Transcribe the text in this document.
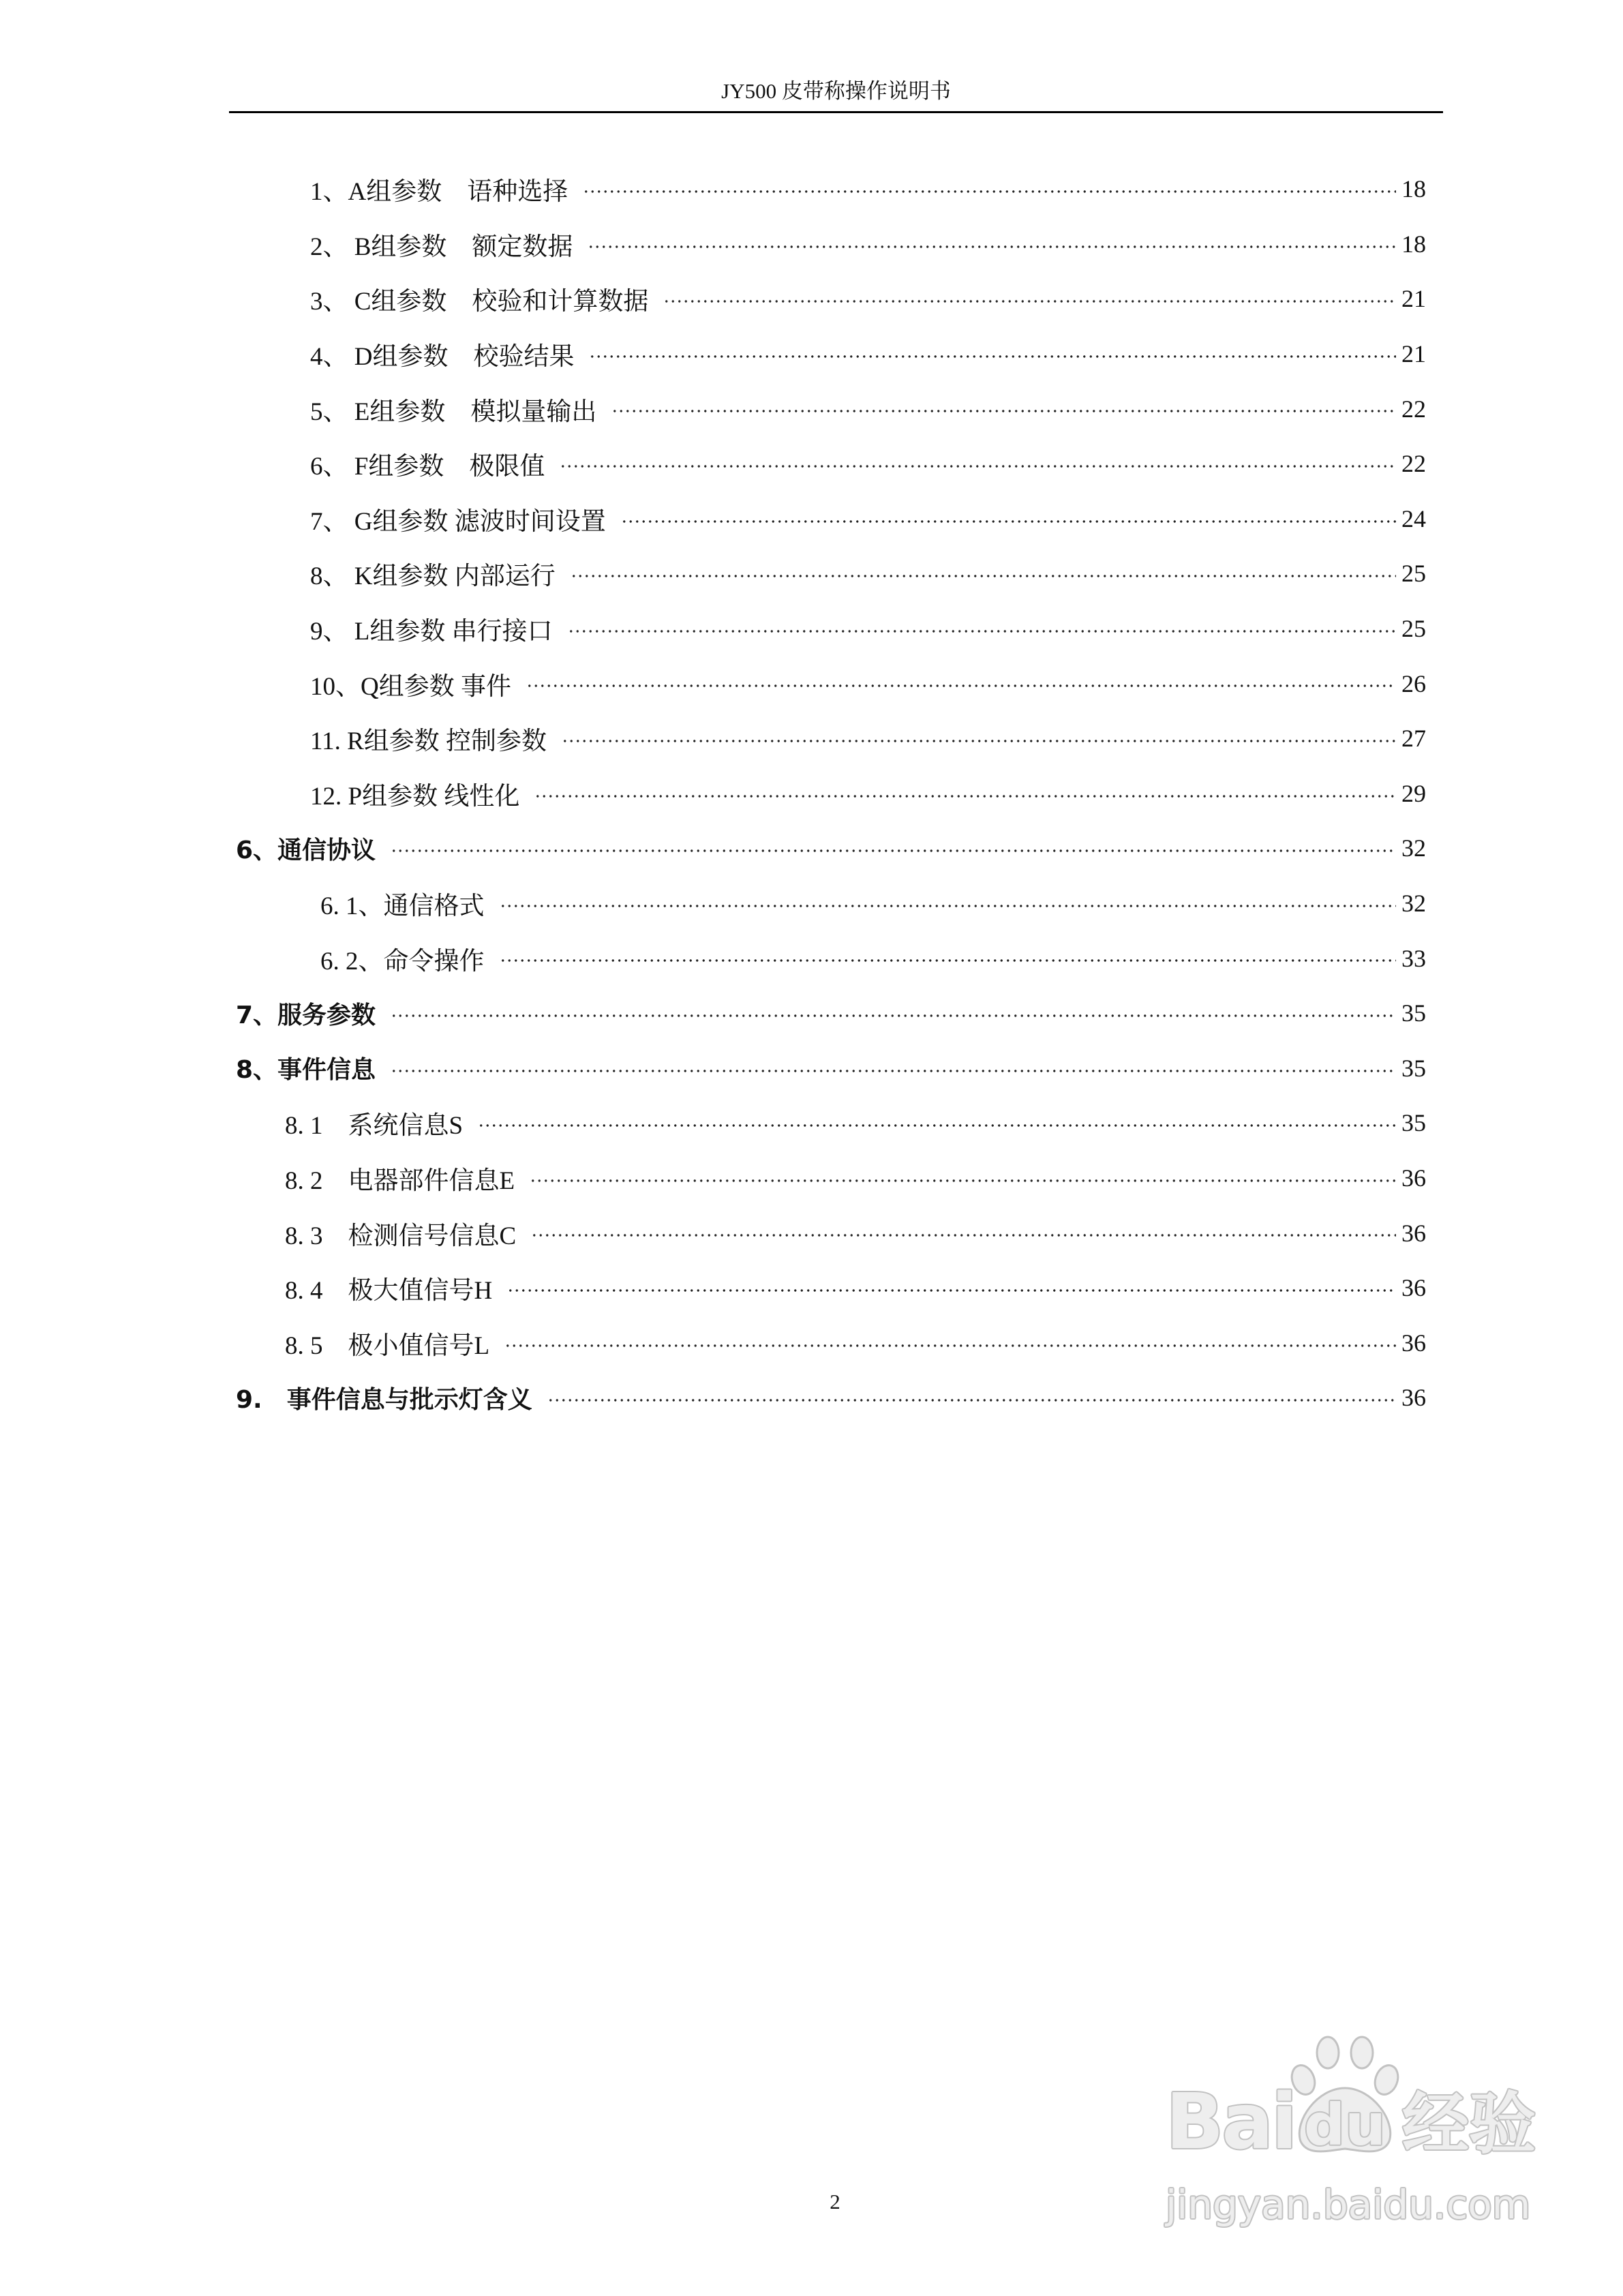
JY500 皮带称操作说明书
1、A组参数　语种选择	18
2、 B组参数　额定数据	18
3、 C组参数　校验和计算数据	21
4、 D组参数　校验结果	21
5、 E组参数　模拟量输出	22
6、 F组参数　极限值	22
7、 G组参数 滤波时间设置	24
8、 K组参数 内部运行	25
9、 L组参数 串行接口	25
10、Q组参数 事件	26
11. R组参数 控制参数	27
12. P组参数 线性化	29
6、通信协议	32
6. 1、通信格式	32
6. 2、命令操作	33
7、服务参数	35
8、事件信息	35
8. 1　系统信息S	35
8. 2　电器部件信息E	36
8. 3　检测信号信息C	36
8. 4　极大值信号H	36
8. 5　极小值信号L	36
9.　事件信息与批示灯含义	36
2
Bai du 经验
jingyan.baidu.com
